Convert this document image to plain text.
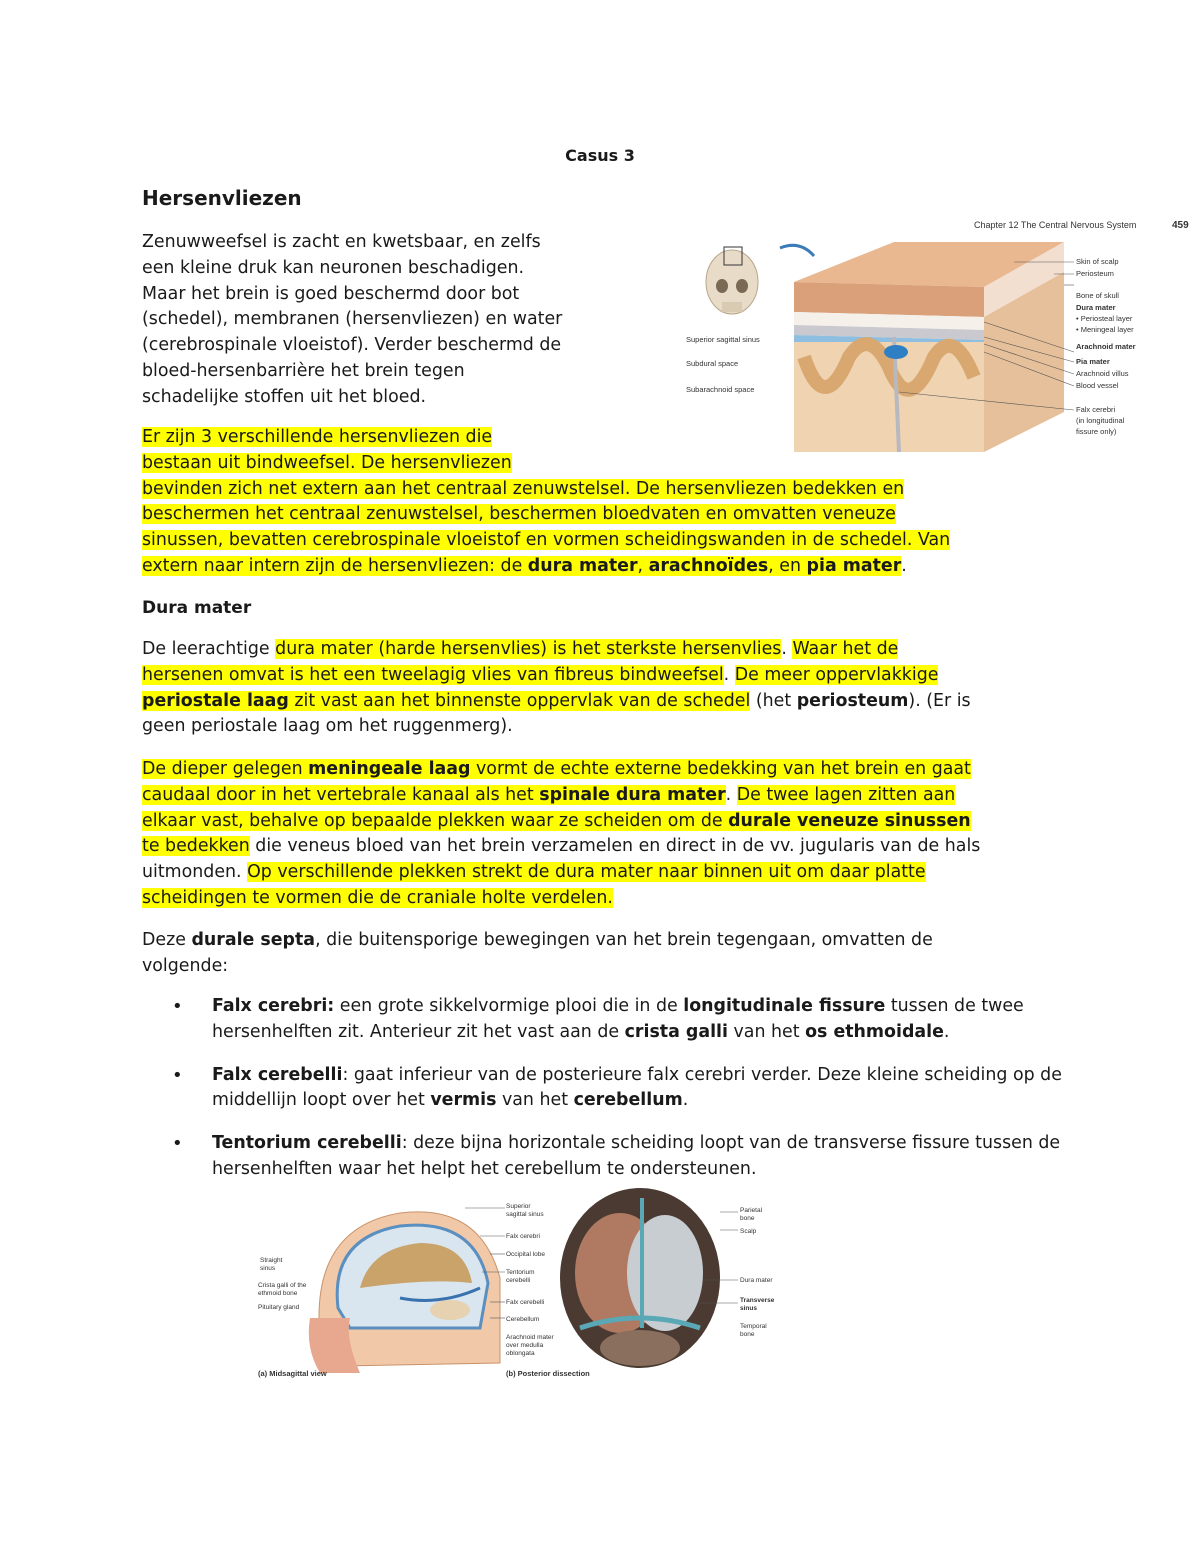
Casus 3
Hersenvliezen

Zenuwweefsel is zacht en kwetsbaar, en zelfs

een kleine druk kan neuronen beschadigen.

Maar het brein is goed beschermd door bot

(schedel), membranen (hersenvliezen) en water

(cerebrospinale vloeistof). Verder beschermd de

bloed-hersenbarrière het brein tegen

schadelijke stoffen uit het bloed.

Chapter 12 The Central Nervous System	459
Superior sagittal sinus
Subdural space
Subarachnoid space
Skin of scalp
Periosteum
Bone of skull
Dura mater
• Periosteal layer
• Meningeal layer
Arachnoid mater
Pia mater
Arachnoid villus
Blood vessel
Falx cerebri
(in longitudinal
fissure only)

Er zijn 3 verschillende hersenvliezen die

bestaan uit bindweefsel. De hersenvliezen

bevinden zich net extern aan het centraal zenuwstelsel. De hersenvliezen bedekken en

beschermen het centraal zenuwstelsel, beschermen bloedvaten en omvatten veneuze

sinussen, bevatten cerebrospinale vloeistof en vormen scheidingswanden in de schedel. Van

extern naar intern zijn de hersenvliezen: de dura mater, arachnoïdes, en pia mater.

Dura mater

De leerachtige dura mater (harde hersenvlies) is het sterkste hersenvlies. Waar het de

hersenen omvat is het een tweelagig vlies van fibreus bindweefsel. De meer oppervlakkige

periostale laag zit vast aan het binnenste oppervlak van de schedel (het periosteum). (Er is

geen periostale laag om het ruggenmerg).

De dieper gelegen meningeale laag vormt de echte externe bedekking van het brein en gaat

caudaal door in het vertebrale kanaal als het spinale dura mater. De twee lagen zitten aan

elkaar vast, behalve op bepaalde plekken waar ze scheiden om de durale veneuze sinussen

te bedekken die veneus bloed van het brein verzamelen en direct in de vv. jugularis van de hals

uitmonden. Op verschillende plekken strekt de dura mater naar binnen uit om daar platte

scheidingen te vormen die de craniale holte verdelen.

Deze durale septa, die buitensporige bewegingen van het brein tegengaan, omvatten de

volgende:

• Falx cerebri: een grote sikkelvormige plooi die in de longitudinale fissure tussen de twee hersenhelften zit. Anterieur zit het vast aan de crista galli van het os ethmoidale.
• Falx cerebelli: gaat inferieur van de posterieure falx cerebri verder. Deze kleine scheiding op de middellijn loopt over het vermis van het cerebellum.
• Tentorium cerebelli: deze bijna horizontale scheiding loopt van de transverse fissure tussen de hersenhelften waar het helpt het cerebellum te ondersteunen.
Straight
sinus
Crista galli of the
ethmoid bone
Pituitary gland
Superior
sagittal sinus
Falx cerebri
Occipital lobe
Tentorium
cerebelli
Falx cerebelli
Cerebellum
Arachnoid mater
over medulla
oblongata
Parietal
bone
Scalp
Dura mater
Transverse
sinus
Temporal
bone
(a) Midsagittal view	(b) Posterior dissection
